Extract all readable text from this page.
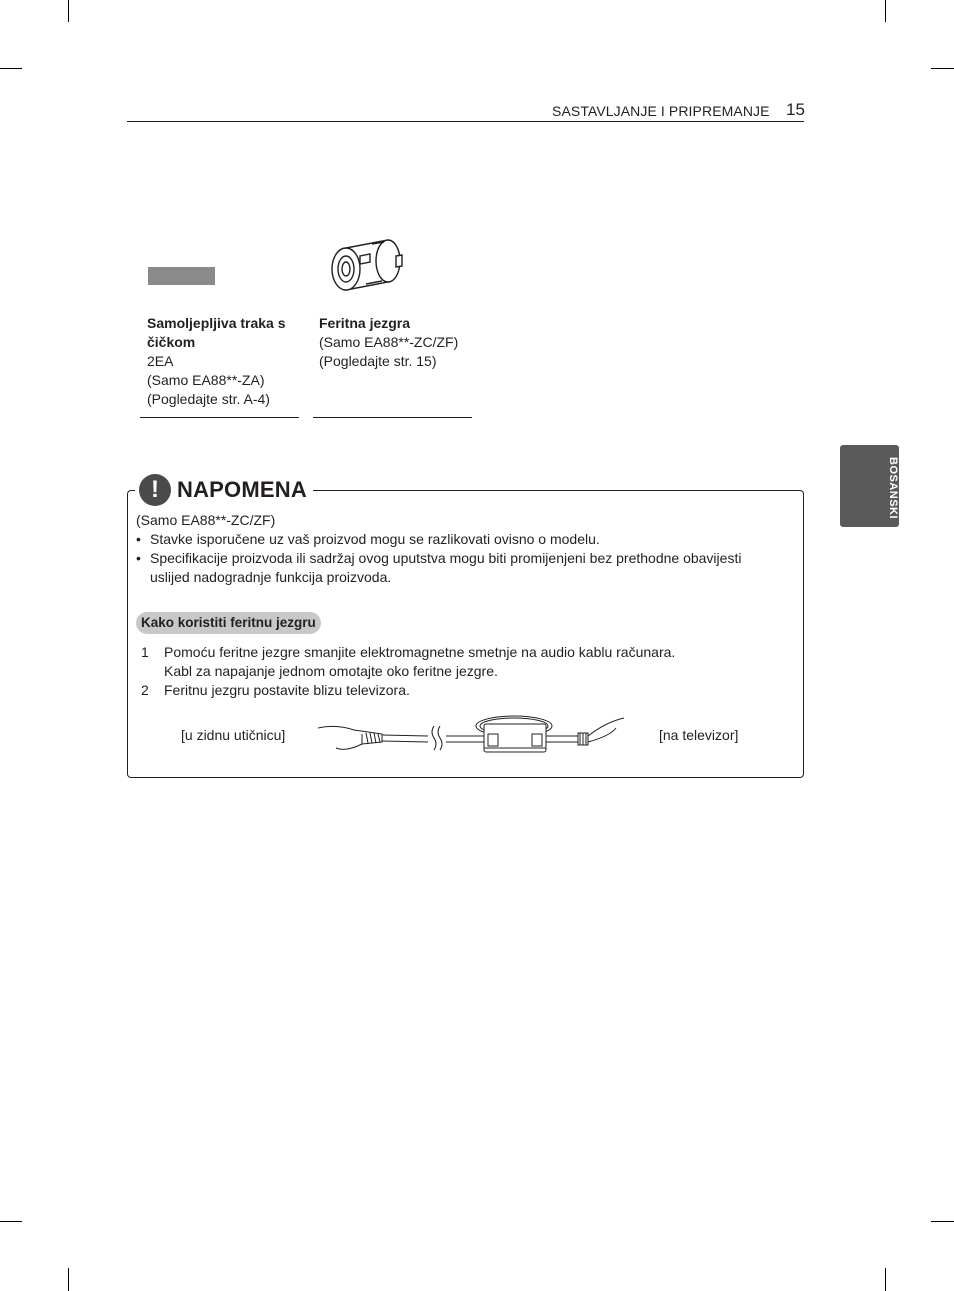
SASTAVLJANJE I PRIPREMANJE 15
Samoljepljiva traka s čičkom
2EA
(Samo EA88**-ZA)
(Pogledajte str. A-4)
Feritna jezgra
(Samo EA88**-ZC/ZF)
(Pogledajte str. 15)
BOSANSKI
! NAPOMENA
(Samo EA88**-ZC/ZF)
• Stavke isporučene uz vaš proizvod mogu se razlikovati ovisno o modelu.
• Specifikacije proizvoda ili sadržaj ovog uputstva mogu biti promijenjeni bez prethodne obavijesti
uslijed nadogradnje funkcija proizvoda.
Kako koristiti feritnu jezgru
1 Pomoću feritne jezgre smanjite elektromagnetne smetnje na audio kablu računara.
Kabl za napajanje jednom omotajte oko feritne jezgre.
2 Feritnu jezgru postavite blizu televizora.
[u zidnu utičnicu]	[na televizor]
